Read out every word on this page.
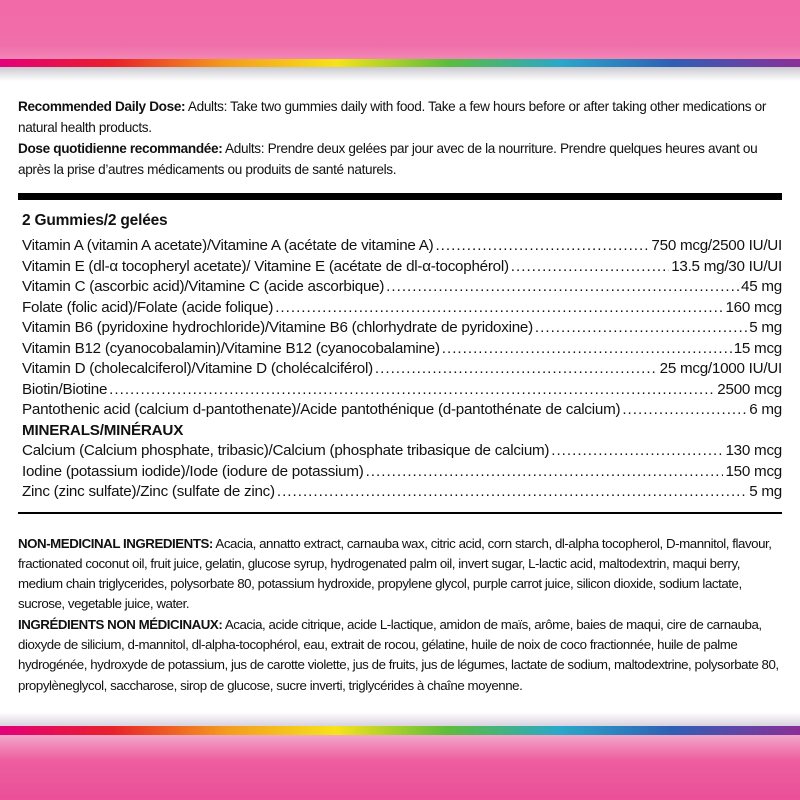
Recommended Daily Dose: Adults: Take two gummies daily with food. Take a few hours before or after taking other medications or natural health products.

Dose quotidienne recommandée: Adults: Prendre deux gelées par jour avec de la nourriture. Prendre quelques heures avant ou après la prise d’autres médicaments ou produits de santé naturels.

2 Gummies/2 gelées
Vitamin A (vitamin A acetate)/Vitamine A (acétate de vitamine A) .....	750 mcg/2500 IU/UI
Vitamin E (dl-α tocopheryl acetate)/ Vitamine E (acétate de dl-α-tocophérol) .....	13.5 mg/30 IU/UI
Vitamin C (ascorbic acid)/Vitamine C (acide ascorbique) .....	45 mg
Folate (folic acid)/Folate (acide folique) .....	160 mcg
Vitamin B6 (pyridoxine hydrochloride)/Vitamine B6 (chlorhydrate de pyridoxine) .....	5 mg
Vitamin B12 (cyanocobalamin)/Vitamine B12 (cyanocobalamine) .....	15 mcg
Vitamin D (cholecalciferol)/Vitamine D (cholécalciférol) .....	25 mcg/1000 IU/UI
Biotin/Biotine .....	2500 mcg
Pantothenic acid (calcium d-pantothenate)/Acide pantothénique (d-pantothénate de calcium) .....	6 mg
MINERALS/MINÉRAUX
Calcium (Calcium phosphate, tribasic)/Calcium (phosphate tribasique de calcium) .....	130 mcg
Iodine (potassium iodide)/Iode (iodure de potassium) .....	150 mcg
Zinc (zinc sulfate)/Zinc (sulfate de zinc) .....	5 mg

NON-MEDICINAL INGREDIENTS: Acacia, annatto extract, carnauba wax, citric acid, corn starch, dl-alpha tocopherol, D-mannitol, flavour, fractionated coconut oil, fruit juice, gelatin, glucose syrup, hydrogenated palm oil, invert sugar, L-lactic acid, maltodextrin, maqui berry, medium chain triglycerides, polysorbate 80, potassium hydroxide, propylene glycol, purple carrot juice, silicon dioxide, sodium lactate, sucrose, vegetable juice, water.

INGRÉDIENTS NON MÉDICINAUX: Acacia, acide citrique, acide L-lactique, amidon de maïs, arôme, baies de maqui, cire de carnauba, dioxyde de silicium, d-mannitol, dl-alpha-tocophérol, eau, extrait de rocou, gélatine, huile de noix de coco fractionnée, huile de palme hydrogénée, hydroxyde de potassium, jus de carotte violette, jus de fruits, jus de légumes, lactate de sodium, maltodextrine, polysorbate 80, propylèneglycol, saccharose, sirop de glucose, sucre inverti, triglycérides à chaîne moyenne.
